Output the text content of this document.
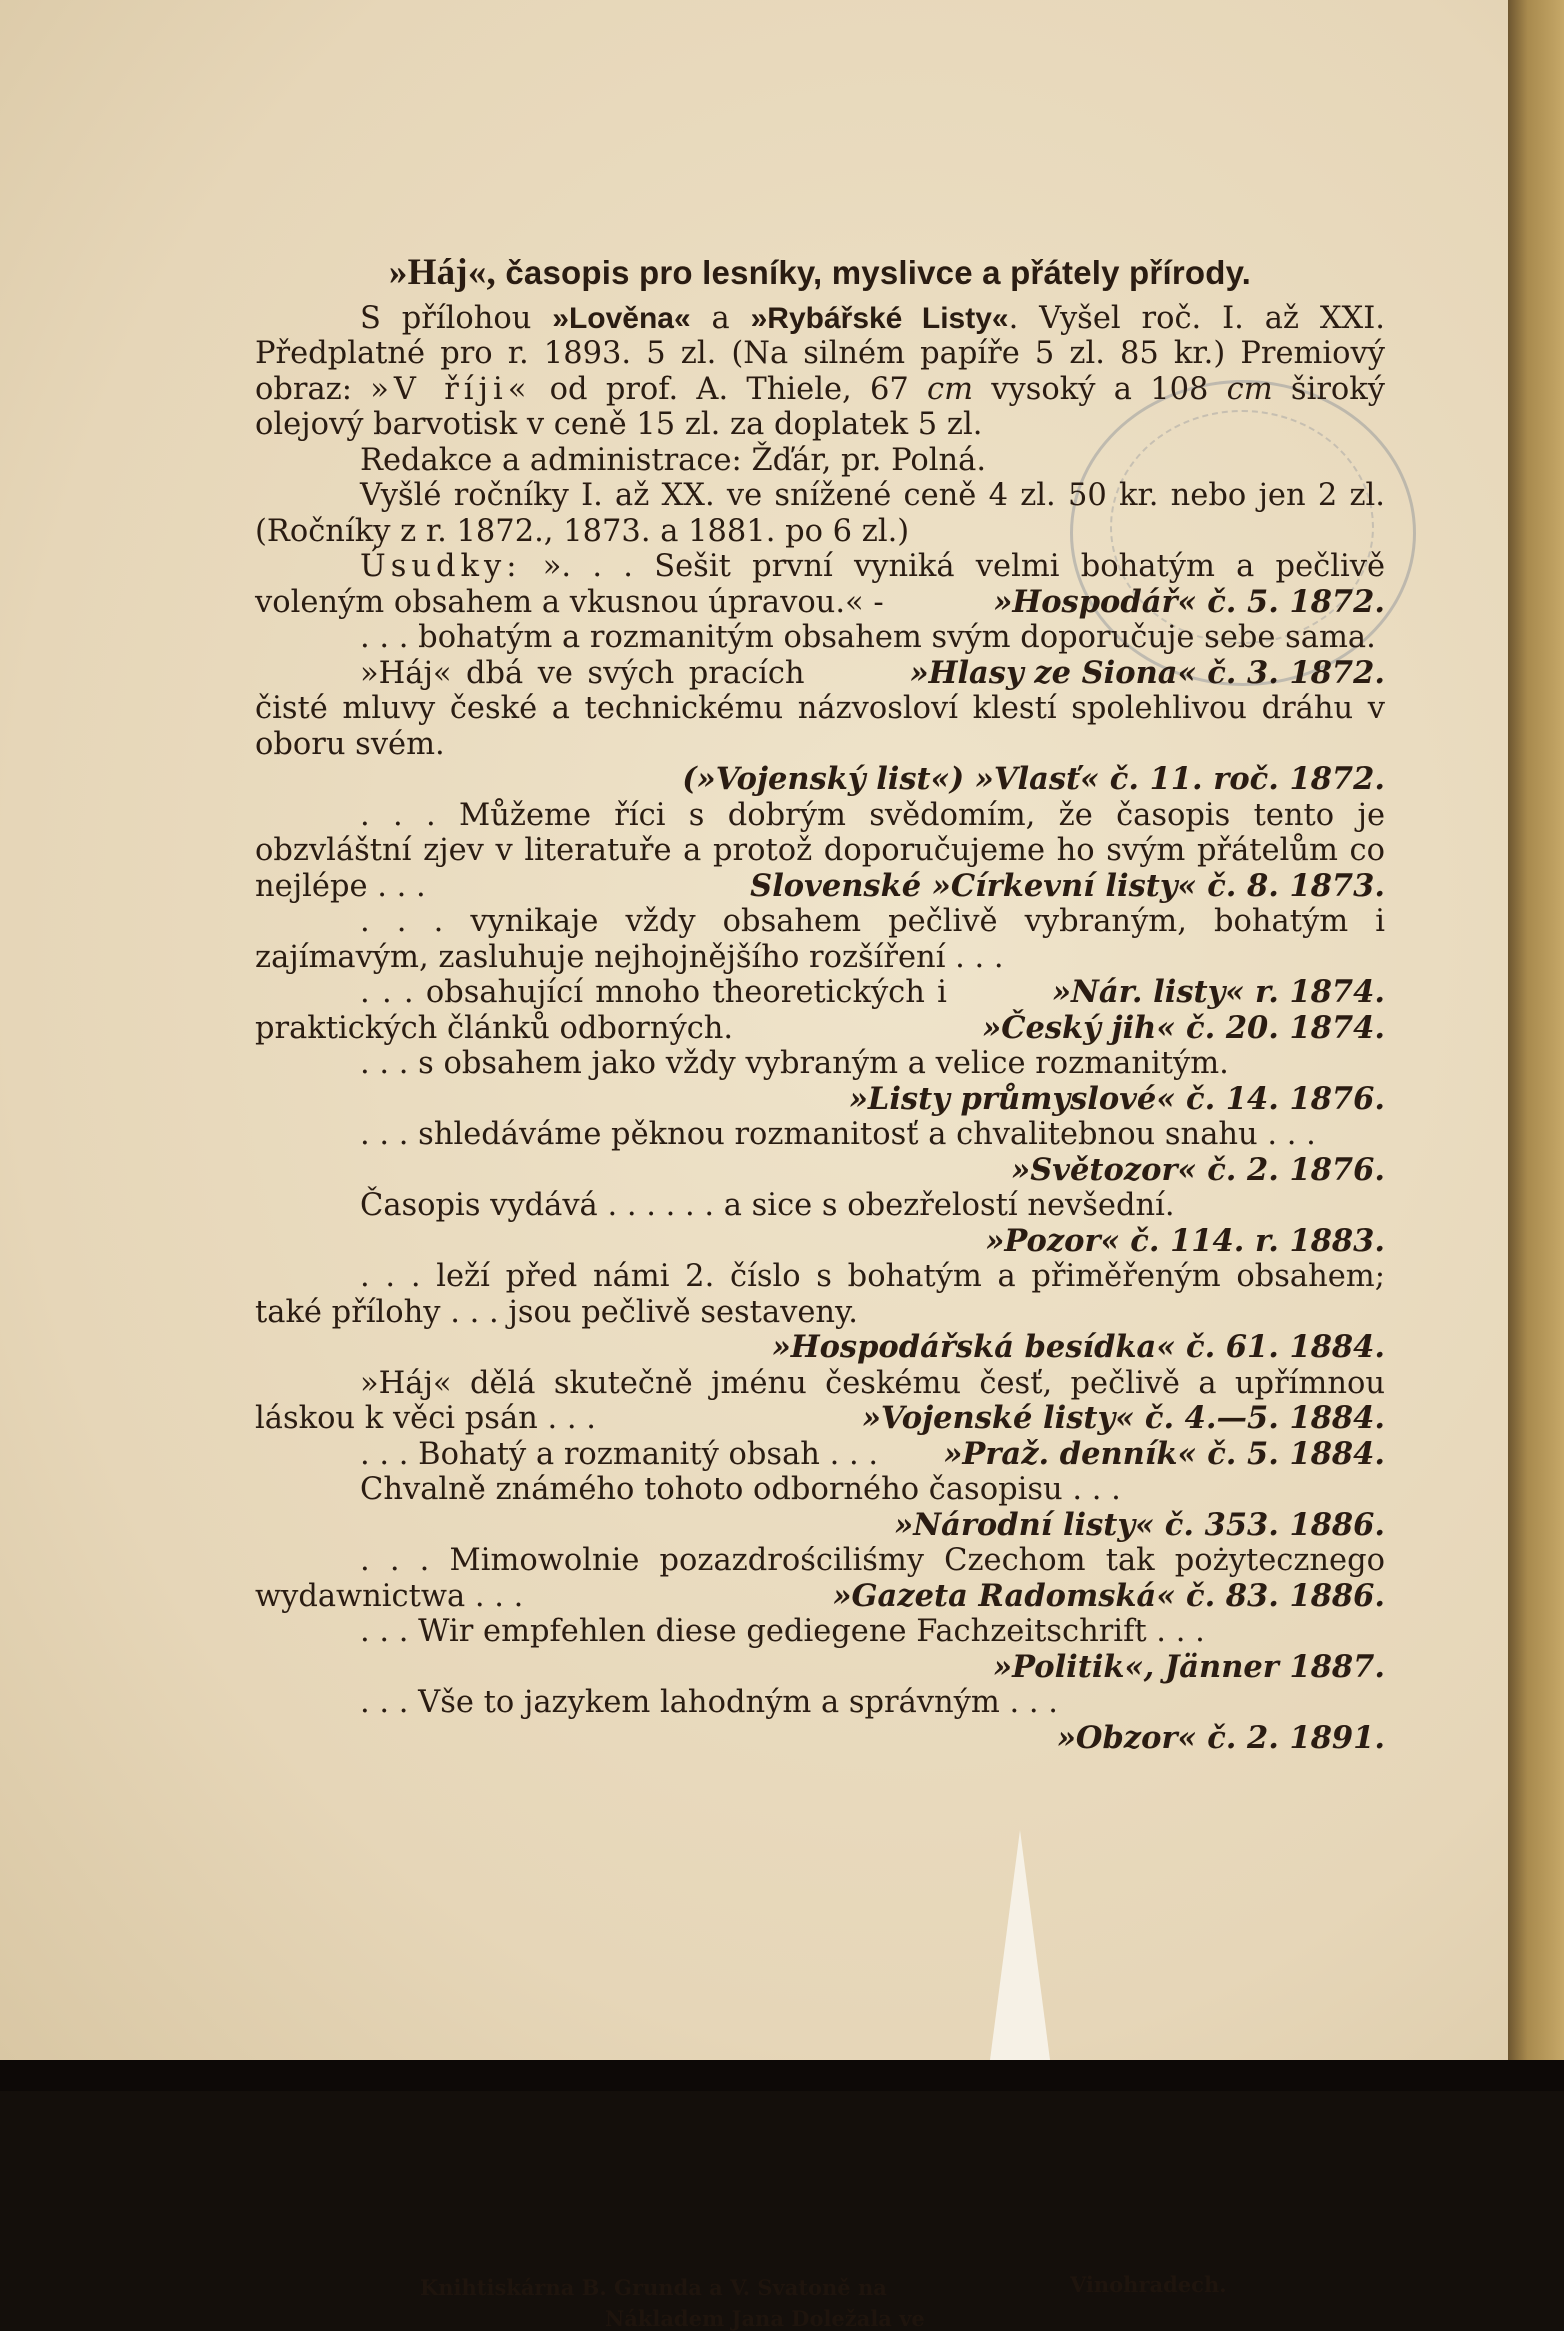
»Háj«, časopis pro lesníky, myslivce a přátely přírody.

S přílohou »Lověna« a »Rybářské Listy«. Vyšel roč. I. až XXI. Předplatné pro r. 1893. 5 zl. (Na silném papíře 5 zl. 85 kr.) Premiový obraz: »V říji« od prof. A. Thiele, 67 cm vysoký a 108 cm široký olejový barvotisk v ceně 15 zl. za doplatek 5 zl.

Redakce a administrace: Žďár, pr. Polná.

Vyšlé ročníky I. až XX. ve snížené ceně 4 zl. 50 kr. nebo jen 2 zl. (Ročníky z r. 1872., 1873. a 1881. po 6 zl.)

Úsudky: ». . . Sešit první vyniká velmi bohatým a pečlivě voleným obsahem a vkusnou úpravou.« -	»Hospodář« č. 5. 1872.

. . . bohatým a rozmanitým obsahem svým doporučuje sebe sama.
»Hlasy ze Siona« č. 3. 1872.

»Háj« dbá ve svých pracích čisté mluvy české a technickému názvosloví klestí spolehlivou dráhu v oboru svém.

(»Vojenský list«) »Vlasť« č. 11. roč. 1872.

. . . Můžeme říci s dobrým svědomím, že časopis tento je obzvláštní zjev v literatuře a protož doporučujeme ho svým přátelům co nejlépe . . .	Slovenské »Církevní listy« č. 8. 1873.

. . . vynikaje vždy obsahem pečlivě vybraným, bohatým i zajímavým, zasluhuje nejhojnějšího rozšíření . . .
»Nár. listy« r. 1874.

. . . obsahující mnoho theoretických i praktických článků odborných.	»Český jih« č. 20. 1874.

. . . s obsahem jako vždy vybraným a velice rozmanitým.

»Listy průmyslové« č. 14. 1876.

. . . shledáváme pěknou rozmanitosť a chvalitebnou snahu . . .

»Světozor« č. 2. 1876.

Časopis vydává . . . . . . a sice s obezřelostí nevšední.

»Pozor« č. 114. r. 1883.

. . . leží před námi 2. číslo s bohatým a přiměřeným obsahem; také přílohy . . . jsou pečlivě sestaveny.

»Hospodářská besídka« č. 61. 1884.

»Háj« dělá skutečně jménu českému česť, pečlivě a upřímnou láskou k věci psán . . .	»Vojenské listy« č. 4.—5. 1884.

. . . Bohatý a rozmanitý obsah . . . »Praž. denník« č. 5. 1884.

Chvalně známého tohoto odborného časopisu . . .

»Národní listy« č. 353. 1886.

. . . Mimowolnie pozazdrościliśmy Czechom tak pożytecznego wydawnictwa . . .	»Gazeta Radomská« č. 83. 1886.

. . . Wir empfehlen diese gediegene Fachzeitschrift . . .

»Politik«, Jänner 1887.

. . . Vše to jazykem lahodným a správným . . .

»Obzor« č. 2. 1891.

Knihtiskárna B. Grunda a V. Svatoně na	Vinohradech.
Nákladem Jana Doležala ve
